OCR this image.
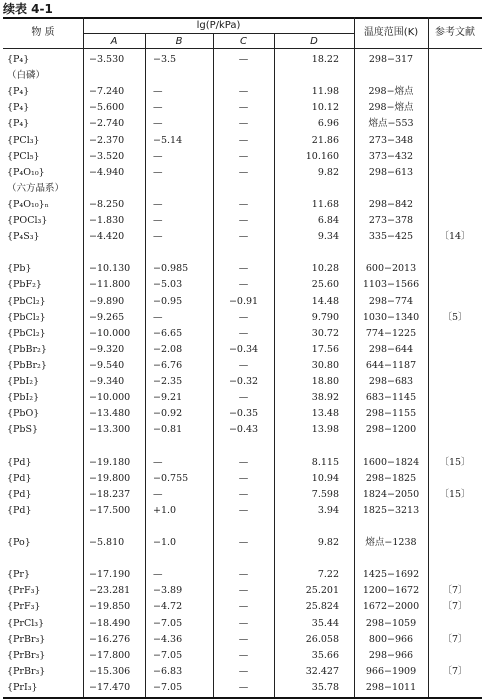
续表 4-1
物 质
lg(P/kPa)
A	B	C	D
温度范围(K)	参考文献
{P₄}	−3.530	−3.5	—	18.22	298−317
（白磷）
{P₄}	−7.240	—	—	11.98	298−熔点
{P₄}	−5.600	—	—	10.12	298−熔点
{P₄}	−2.740	—	—	6.96	熔点−553
{PCl₃}	−2.370	−5.14	—	21.86	273−348
{PCl₅}	−3.520	—	—	10.160	373−432
{P₄O₁₀}	−4.940	—	—	9.82	298−613
（六方晶系）
{P₄O₁₀}ₙ	−8.250	—	—	11.68	298−842
{POCl₃}	−1.830	—	—	6.84	273−378
{P₄S₃}	−4.420	—	—	9.34	335−425	〔14〕
{Pb}	−10.130	−0.985	—	10.28	600−2013
{PbF₂}	−11.800	−5.03	—	25.60	1103−1566
{PbCl₂}	−9.890	−0.95	−0.91	14.48	298−774
{PbCl₂}	−9.265	—	—	9.790	1030−1340	〔5〕
{PbCl₂}	−10.000	−6.65	—	30.72	774−1225
{PbBr₂}	−9.320	−2.08	−0.34	17.56	298−644
{PbBr₂}	−9.540	−6.76	—	30.80	644−1187
{PbI₂}	−9.340	−2.35	−0.32	18.80	298−683
{PbI₂}	−10.000	−9.21	—	38.92	683−1145
{PbO}	−13.480	−0.92	−0.35	13.48	298−1155
{PbS}	−13.300	−0.81	−0.43	13.98	298−1200
{Pd}	−19.180	—	—	8.115	1600−1824	〔15〕
{Pd}	−19.800	−0.755	—	10.94	298−1825
{Pd}	−18.237	—	—	7.598	1824−2050	〔15〕
{Pd}	−17.500	+1.0	—	3.94	1825−3213
{Po}	−5.810	−1.0	—	9.82	熔点−1238
{Pr}	−17.190	—	—	7.22	1425−1692
{PrF₃}	−23.281	−3.89	—	25.201	1200−1672	〔7〕
{PrF₃}	−19.850	−4.72	—	25.824	1672−2000	〔7〕
{PrCl₃}	−18.490	−7.05	—	35.44	298−1059
{PrBr₃}	−16.276	−4.36	—	26.058	800−966	〔7〕
{PrBr₃}	−17.800	−7.05	—	35.66	298−966
{PrBr₃}	−15.306	−6.83	—	32.427	966−1909	〔7〕
{PrI₃}	−17.470	−7.05	—	35.78	298−1011
